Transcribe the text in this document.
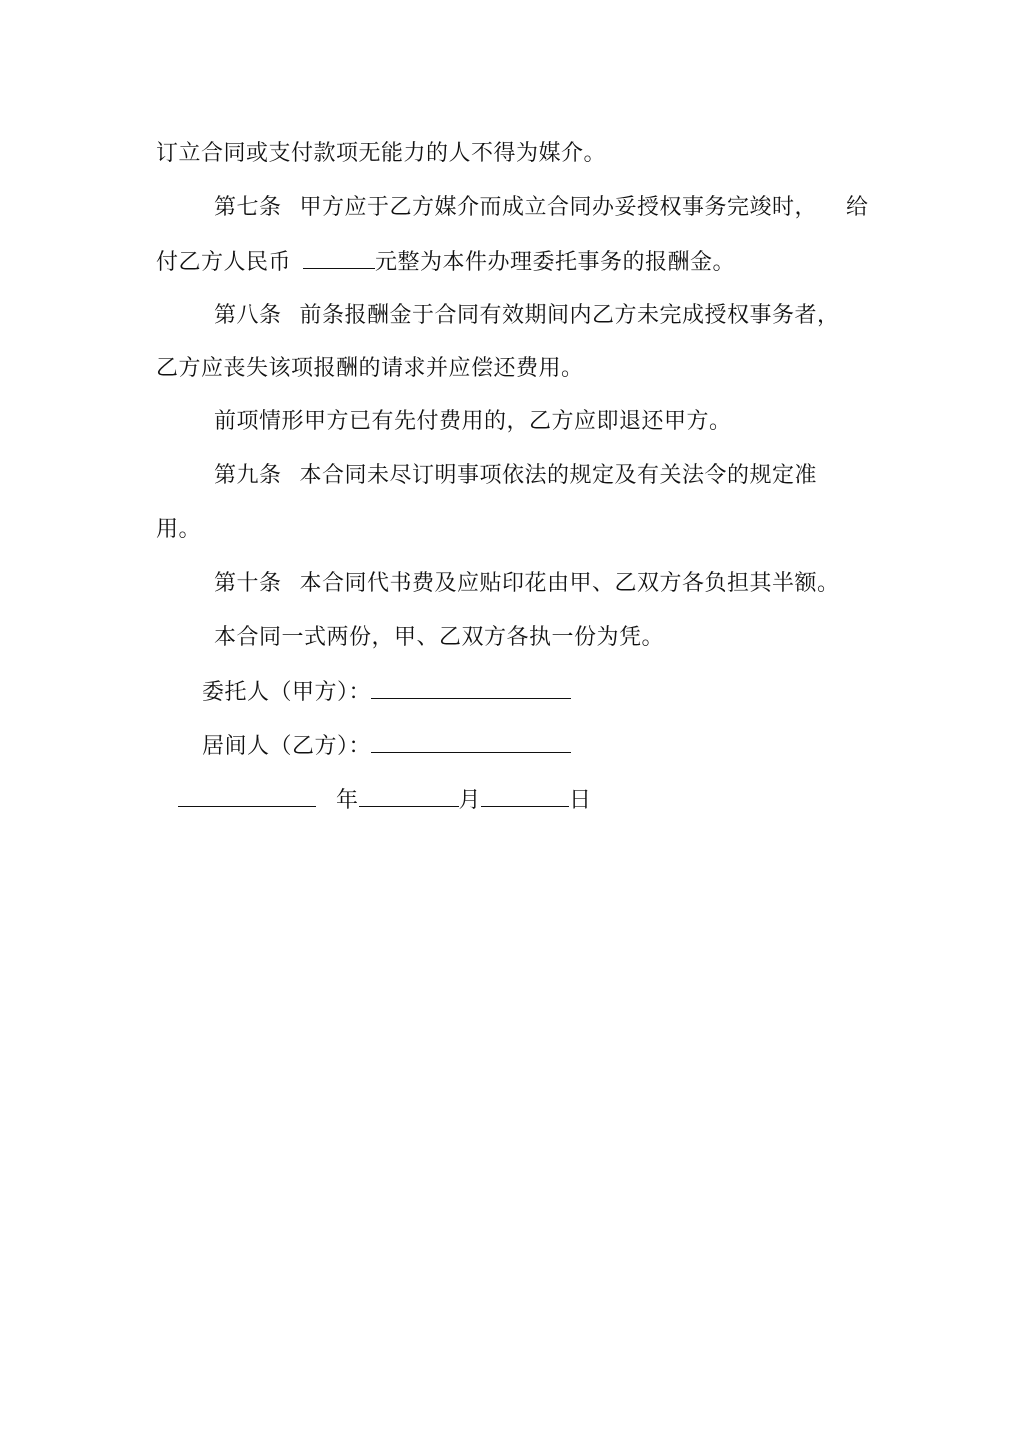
订立合同或支付款项无能力的人不得为媒介。
第七条 甲方应于乙方媒介而成立合同办妥授权事务完竣时， 给
付乙方人民币	元整为本件办理委托事务的报酬金。
第八条 前条报酬金于合同有效期间内乙方未完成授权事务者，
乙方应丧失该项报酬的请求并应偿还费用。
前项情形甲方已有先付费用的，乙方应即退还甲方。
第九条 本合同未尽订明事项依法的规定及有关法令的规定准
用。
第十条 本合同代书费及应贴印花由甲、乙双方各负担其半额。
本合同一式两份，甲、乙双方各执一份为凭。
委托人（甲方）：
居间人（乙方）：
年	月	日
